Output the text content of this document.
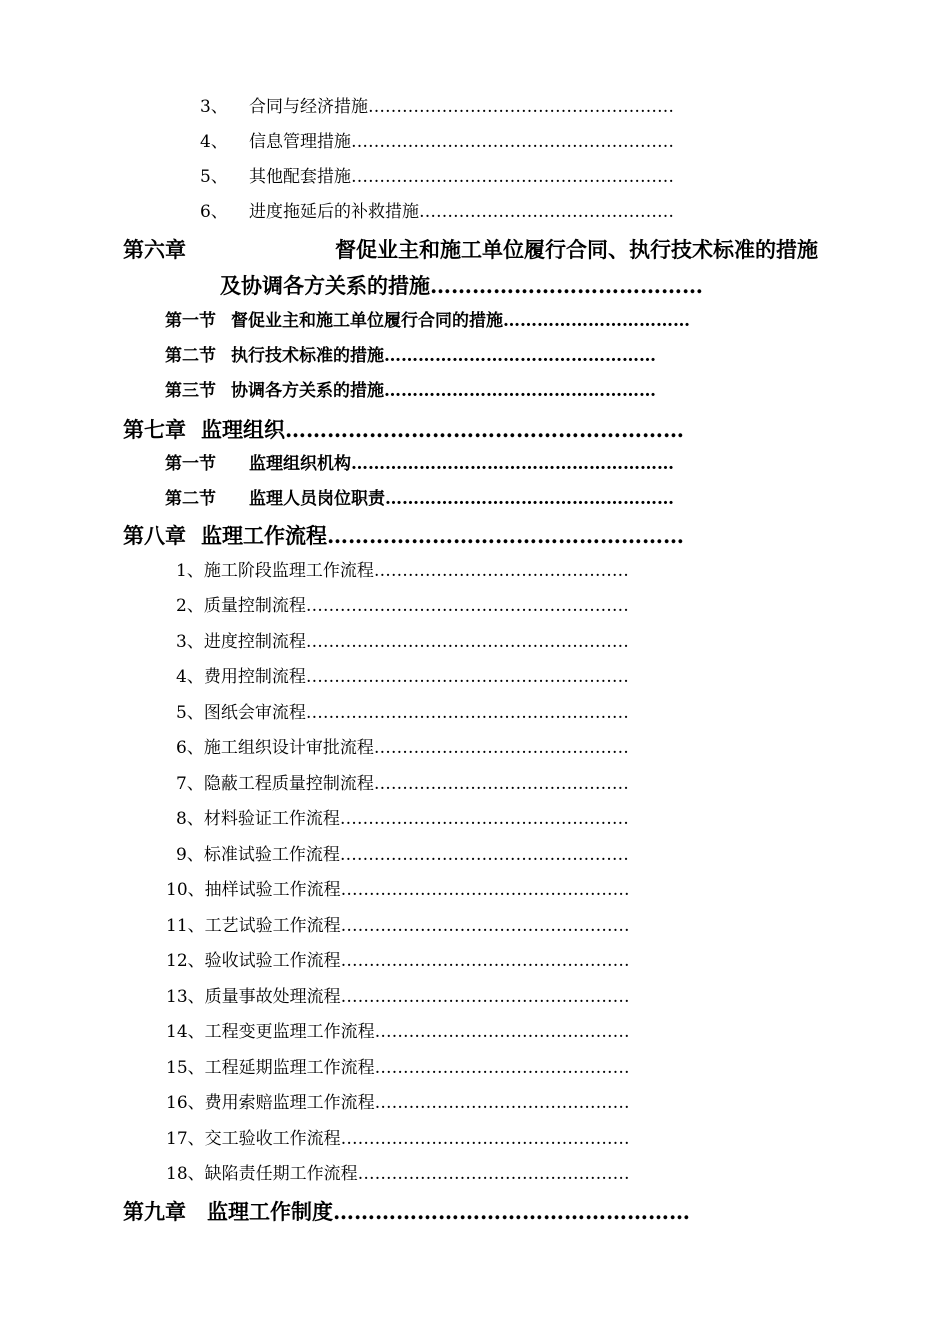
3、 合同与经济措施………………………………………………
4、 信息管理措施…………………………………………………
5、 其他配套措施…………………………………………………
6、 进度拖延后的补救措施………………………………………
第六章	督促业主和施工单位履行合同、执行技术标准的措施
及协调各方关系的措施…………………………………
第一节 督促业主和施工单位履行合同的措施……………………………
第二节 执行技术标准的措施…………………………………………
第三节 协调各方关系的措施…………………………………………
第七章 监理组织…………………………………………………
第一节 监理组织机构…………………………………………………
第二节 监理人员岗位职责……………………………………………
第八章 监理工作流程……………………………………………
1、施工阶段监理工作流程………………………………………
2、质量控制流程…………………………………………………
3、进度控制流程…………………………………………………
4、费用控制流程…………………………………………………
5、图纸会审流程…………………………………………………
6、施工组织设计审批流程………………………………………
7、隐蔽工程质量控制流程………………………………………
8、材料验证工作流程……………………………………………
9、标准试验工作流程……………………………………………
10、抽样试验工作流程……………………………………………
11、工艺试验工作流程……………………………………………
12、验收试验工作流程……………………………………………
13、质量事故处理流程……………………………………………
14、工程变更监理工作流程………………………………………
15、工程延期监理工作流程………………………………………
16、费用索赔监理工作流程………………………………………
17、交工验收工作流程……………………………………………
18、缺陷责任期工作流程…………………………………………
第九章 监理工作制度……………………………………………
